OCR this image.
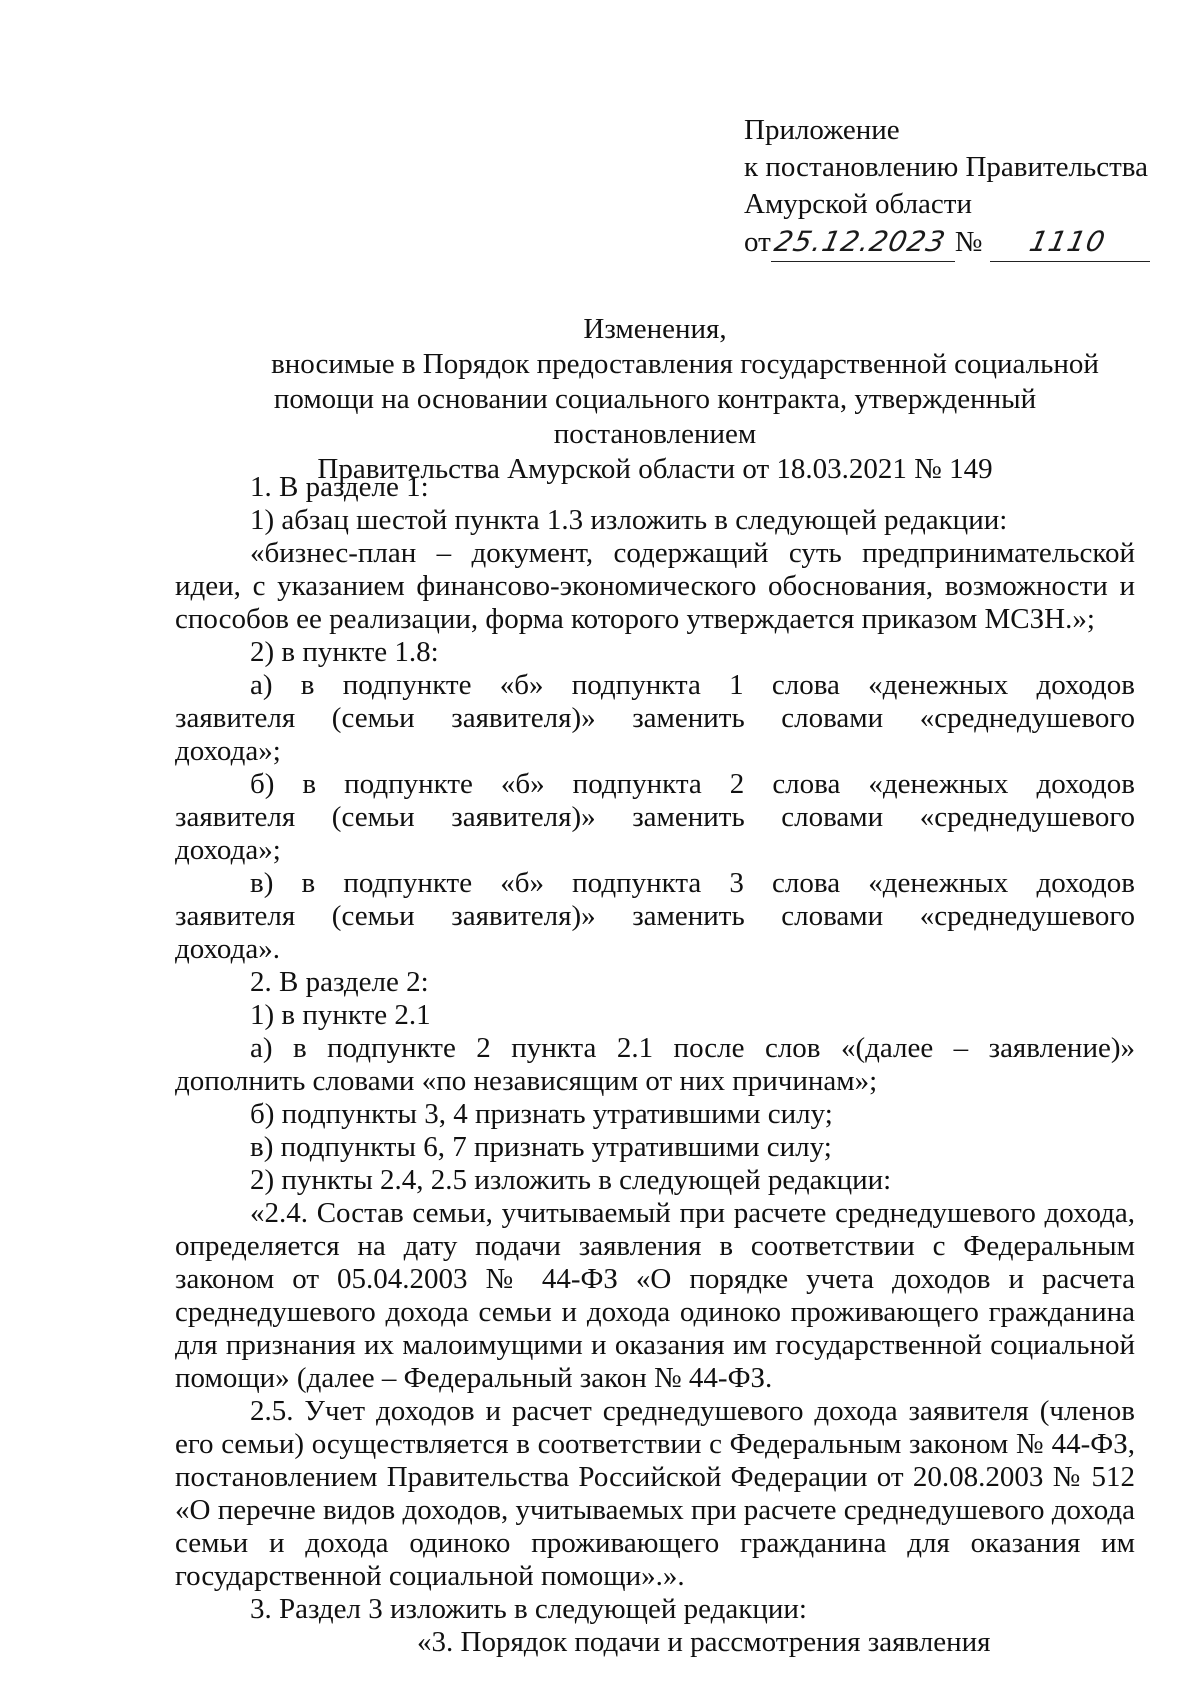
Приложение
к постановлению Правительства
Амурской области
от25.12.2023 № 1110
Изменения,
вносимые в Порядок предоставления государственной социальной
помощи на основании социального контракта, утвержденный постановлением
Правительства Амурской области от 18.03.2021 № 149

1. В разделе 1:

1) абзац шестой пункта 1.3 изложить в следующей редакции:

«бизнес-план – документ, содержащий суть предпринимательской идеи, с указанием финансово-экономического обоснования, возможности и способов ее реализации, форма которого утверждается приказом МСЗН.»;

2) в пункте 1.8:

а) в подпункте «б» подпункта 1 слова «денежных доходов заявителя (семьи заявителя)» заменить словами «среднедушевого дохода»;

б) в подпункте «б» подпункта 2 слова «денежных доходов заявителя (семьи заявителя)» заменить словами «среднедушевого дохода»;

в) в подпункте «б» подпункта 3 слова «денежных доходов заявителя (семьи заявителя)» заменить словами «среднедушевого дохода».

2. В разделе 2:

1) в пункте 2.1

а) в подпункте 2 пункта 2.1 после слов «(далее – заявление)» дополнить словами «по независящим от них причинам»;

б) подпункты 3, 4 признать утратившими силу;

в) подпункты 6, 7 признать утратившими силу;

2) пункты 2.4, 2.5 изложить в следующей редакции:

«2.4. Состав семьи, учитываемый при расчете среднедушевого дохода, определяется на дату подачи заявления в соответствии с Федеральным законом от 05.04.2003 № 44-ФЗ «О порядке учета доходов и расчета среднедушевого дохода семьи и дохода одиноко проживающего гражданина для признания их малоимущими и оказания им государственной социальной помощи» (далее – Федеральный закон № 44-ФЗ.

2.5. Учет доходов и расчет среднедушевого дохода заявителя (членов его семьи) осуществляется в соответствии с Федеральным законом № 44-ФЗ, постановлением Правительства Российской Федерации от 20.08.2003 № 512 «О перечне видов доходов, учитываемых при расчете среднедушевого дохода семьи и дохода одиноко проживающего гражданина для оказания им государственной социальной помощи».».

3. Раздел 3 изложить в следующей редакции:

«3. Порядок подачи и рассмотрения заявления
